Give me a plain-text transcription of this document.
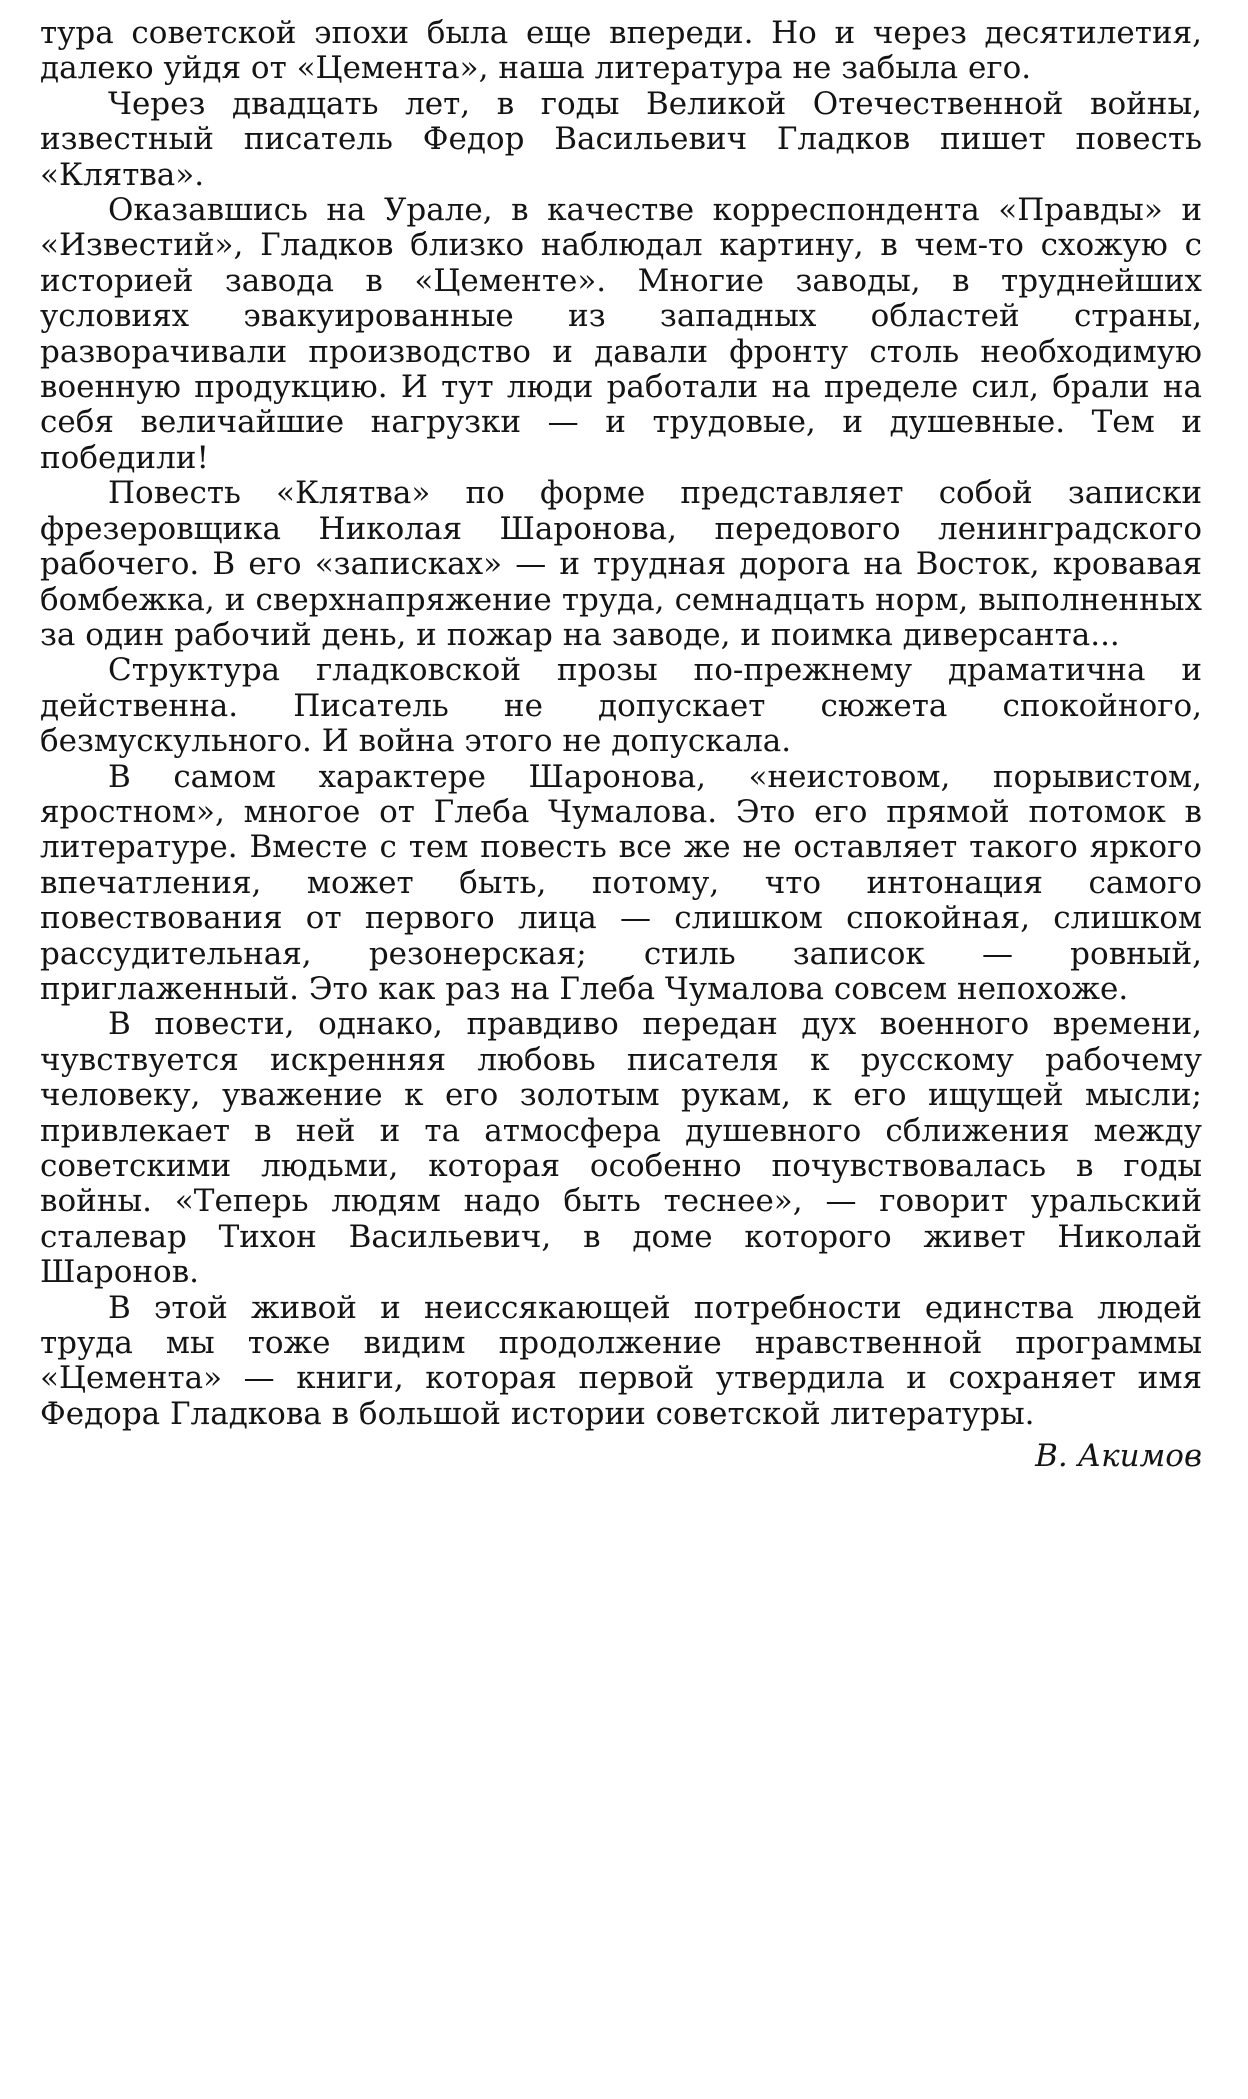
тура советской эпохи была еще впереди. Но и через десятилетия, далеко уйдя от «Цемента», наша литература не забыла его.

Через двадцать лет, в годы Великой Отечественной войны, известный писатель Федор Васильевич Гладков пишет повесть «Клятва».

Оказавшись на Урале, в качестве корреспондента «Правды» и «Известий», Гладков близко наблюдал картину, в чем-то схожую с историей завода в «Цементе». Многие заводы, в труднейших условиях эвакуированные из западных областей страны, разворачивали производство и давали фронту столь необходимую военную продукцию. И тут люди работали на пределе сил, брали на себя величайшие нагрузки — и трудовые, и душевные. Тем и победили!

Повесть «Клятва» по форме представляет собой записки фрезеровщика Николая Шаронова, передового ленинградского рабочего. В его «записках» — и трудная дорога на Восток, кровавая бомбежка, и сверхнапряжение труда, семнадцать норм, выполненных за один рабочий день, и пожар на заводе, и поимка диверсанта...

Структура гладковской прозы по-прежнему драматична и действенна. Писатель не допускает сюжета спокойного, безмускульного. И война этого не допускала.

В самом характере Шаронова, «неистовом, порывистом, яростном», многое от Глеба Чумалова. Это его прямой потомок в литературе. Вместе с тем повесть все же не оставляет такого яркого впечатления, может быть, потому, что интонация самого повествования от первого лица — слишком спокойная, слишком рассудительная, резонерская; стиль записок — ровный, приглаженный. Это как раз на Глеба Чумалова совсем непохоже.

В повести, однако, правдиво передан дух военного времени, чувствуется искренняя любовь писателя к русскому рабочему человеку, уважение к его золотым рукам, к его ищущей мысли; привлекает в ней и та атмосфера душевного сближения между советскими людьми, которая особенно почувствовалась в годы войны. «Теперь людям надо быть теснее», — говорит уральский сталевар Тихон Васильевич, в доме которого живет Николай Шаронов.

В этой живой и неиссякающей потребности единства людей труда мы тоже видим продолжение нравственной программы «Цемента» — книги, которая первой утвердила и сохраняет имя Федора Гладкова в большой истории советской литературы.

В. Акимов
